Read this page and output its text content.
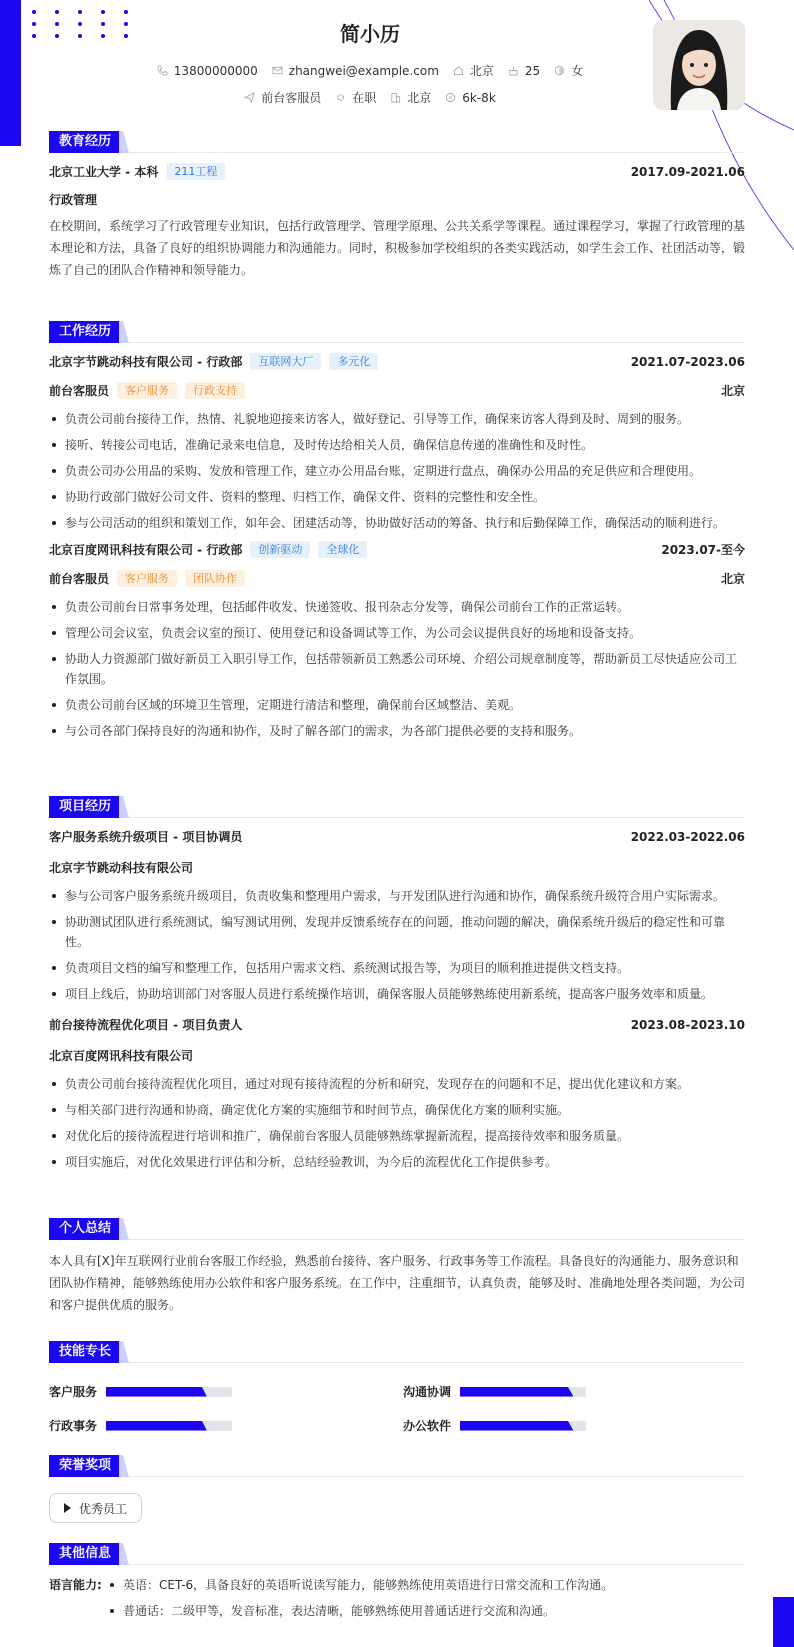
简小历
13800000000	zhangwei@example.com	北京	25	女
前台客服员	在职	北京	6k-8k
教育经历
北京工业大学 - 本科	211工程	2017.09-2021.06
行政管理
在校期间，系统学习了行政管理专业知识，包括行政管理学、管理学原理、公共关系学等课程。通过课程学习，掌握了行政管理的基本理论和方法，具备了良好的组织协调能力和沟通能力。同时，积极参加学校组织的各类实践活动，如学生会工作、社团活动等，锻炼了自己的团队合作精神和领导能力。
工作经历
北京字节跳动科技有限公司 - 行政部	互联网大厂	多元化	2021.07-2023.06
前台客服员	客户服务	行政支持	北京
负责公司前台接待工作，热情、礼貌地迎接来访客人，做好登记、引导等工作，确保来访客人得到及时、周到的服务。
接听、转接公司电话，准确记录来电信息，及时传达给相关人员，确保信息传递的准确性和及时性。
负责公司办公用品的采购、发放和管理工作，建立办公用品台账，定期进行盘点，确保办公用品的充足供应和合理使用。
协助行政部门做好公司文件、资料的整理、归档工作，确保文件、资料的完整性和安全性。
参与公司活动的组织和策划工作，如年会、团建活动等，协助做好活动的筹备、执行和后勤保障工作，确保活动的顺利进行。
北京百度网讯科技有限公司 - 行政部	创新驱动	全球化	2023.07-至今
前台客服员	客户服务	团队协作	北京
负责公司前台日常事务处理，包括邮件收发、快递签收、报刊杂志分发等，确保公司前台工作的正常运转。
管理公司会议室，负责会议室的预订、使用登记和设备调试等工作，为公司会议提供良好的场地和设备支持。
协助人力资源部门做好新员工入职引导工作，包括带领新员工熟悉公司环境、介绍公司规章制度等，帮助新员工尽快适应公司工作氛围。
负责公司前台区域的环境卫生管理，定期进行清洁和整理，确保前台区域整洁、美观。
与公司各部门保持良好的沟通和协作，及时了解各部门的需求，为各部门提供必要的支持和服务。
项目经历
客户服务系统升级项目 - 项目协调员	2022.03-2022.06
北京字节跳动科技有限公司
参与公司客户服务系统升级项目，负责收集和整理用户需求，与开发团队进行沟通和协作，确保系统升级符合用户实际需求。
协助测试团队进行系统测试，编写测试用例，发现并反馈系统存在的问题，推动问题的解决，确保系统升级后的稳定性和可靠性。
负责项目文档的编写和整理工作，包括用户需求文档、系统测试报告等，为项目的顺利推进提供文档支持。
项目上线后，协助培训部门对客服人员进行系统操作培训，确保客服人员能够熟练使用新系统，提高客户服务效率和质量。
前台接待流程优化项目 - 项目负责人	2023.08-2023.10
北京百度网讯科技有限公司
负责公司前台接待流程优化项目，通过对现有接待流程的分析和研究，发现存在的问题和不足，提出优化建议和方案。
与相关部门进行沟通和协商，确定优化方案的实施细节和时间节点，确保优化方案的顺利实施。
对优化后的接待流程进行培训和推广，确保前台客服人员能够熟练掌握新流程，提高接待效率和服务质量。
项目实施后，对优化效果进行评估和分析，总结经验教训，为今后的流程优化工作提供参考。
个人总结
本人具有[X]年互联网行业前台客服工作经验，熟悉前台接待、客户服务、行政事务等工作流程。具备良好的沟通能力、服务意识和团队协作精神，能够熟练使用办公软件和客户服务系统。在工作中，注重细节，认真负责，能够及时、准确地处理各类问题，为公司和客户提供优质的服务。
技能专长
客户服务	沟通协调
行政事务	办公软件
荣誉奖项
优秀员工
其他信息
语言能力:	英语：CET-6，具备良好的英语听说读写能力，能够熟练使用英语进行日常交流和工作沟通。
普通话：二级甲等，发音标准，表达清晰，能够熟练使用普通话进行交流和沟通。
